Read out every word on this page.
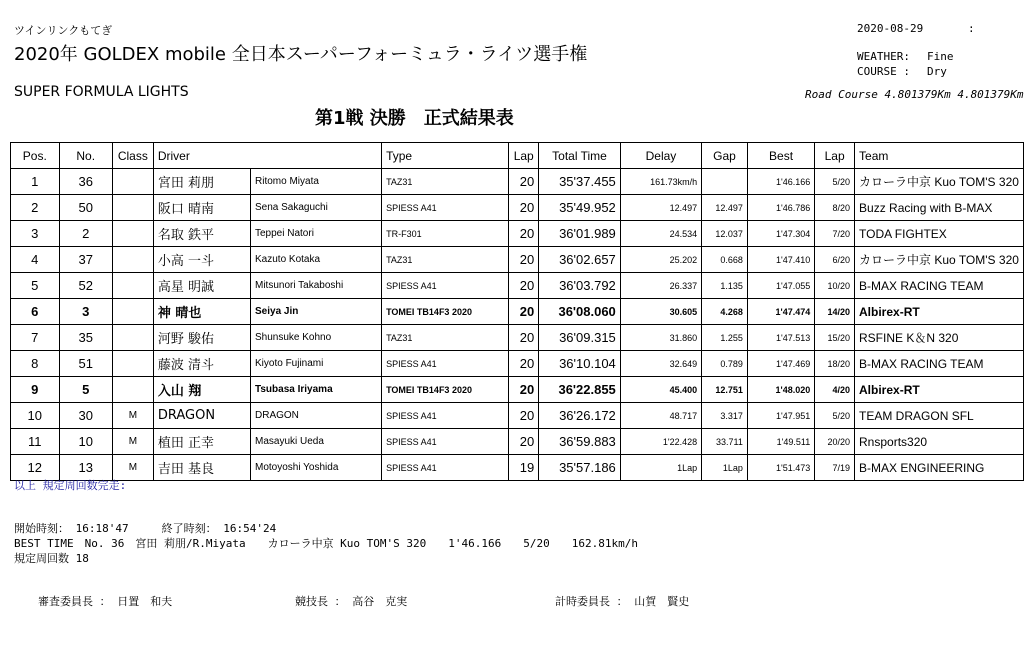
ツインリンクもてぎ
2020年 GOLDEX mobile 全日本スーパーフォーミュラ・ライツ選手権
SUPER FORMULA LIGHTS
第1戦 決勝　正式結果表
2020-08-29	:
WEATHER: Fine
COURSE : Dry
Road Course 4.801379Km 4.801379Km
Pos.	No.	Class	Driver		Type	Lap	Total Time	Delay	Gap	Best	Lap	Team
1	36		宮田 莉朋	Ritomo Miyata	TAZ31	20	35'37.455	161.73km/h		1'46.166	5/20	カローラ中京 Kuo TOM'S 320
2	50		阪口 晴南	Sena Sakaguchi	SPIESS A41	20	35'49.952	12.497	12.497	1'46.786	8/20	Buzz Racing with B-MAX
3	2		名取 鉄平	Teppei Natori	TR-F301	20	36'01.989	24.534	12.037	1'47.304	7/20	TODA FIGHTEX
4	37		小高 一斗	Kazuto Kotaka	TAZ31	20	36'02.657	25.202	0.668	1'47.410	6/20	カローラ中京 Kuo TOM'S 320
5	52		高星 明誠	Mitsunori Takaboshi	SPIESS A41	20	36'03.792	26.337	1.135	1'47.055	10/20	B-MAX RACING TEAM
6	3		神 晴也	Seiya Jin	TOMEI TB14F3 2020	20	36'08.060	30.605	4.268	1'47.474	14/20	Albirex-RT
7	35		河野 駿佑	Shunsuke Kohno	TAZ31	20	36'09.315	31.860	1.255	1'47.513	15/20	RSFINE K＆N 320
8	51		藤波 清斗	Kiyoto Fujinami	SPIESS A41	20	36'10.104	32.649	0.789	1'47.469	18/20	B-MAX RACING TEAM
9	5		入山 翔	Tsubasa Iriyama	TOMEI TB14F3 2020	20	36'22.855	45.400	12.751	1'48.020	4/20	Albirex-RT
10	30	M	DRAGON	DRAGON	SPIESS A41	20	36'26.172	48.717	3.317	1'47.951	5/20	TEAM DRAGON SFL
11	10	M	植田 正幸	Masayuki Ueda	SPIESS A41	20	36'59.883	1'22.428	33.711	1'49.511	20/20	Rnsports320
12	13	M	吉田 基良	Motoyoshi Yoshida	SPIESS A41	19	35'57.186	1Lap	1Lap	1'51.473	7/19	B-MAX ENGINEERING
以上 規定周回数完走:
開始時刻： 16:18'47　　　終了時刻： 16:54'24
BEST TIME　No. 36　宮田 莉朋/R.Miyata　　カローラ中京 Kuo TOM'S 320　　1'46.166　　5/20　　162.81km/h
規定周回数 18
審査委員長 ： 日置　和夫	競技長 ： 高谷　克実	計時委員長 ： 山賀　賢史
